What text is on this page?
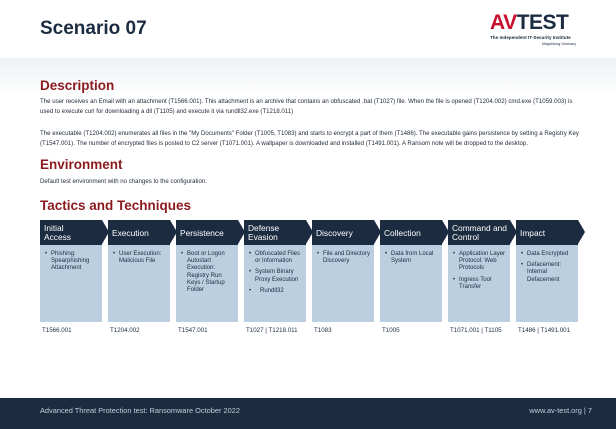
Scenario 07	AVTEST
The Independent IT-Security Institute
Magdeburg Germany
Description
The user receives an Email with an attachment (T1566.001). This attachment is an archive that contains an obfuscated .bat (T1027) file. When the file is opened (T1204.002) cmd.exe (T1059.003) is used to execute curl for downloading a dll (T1105) and execute it via rundll32.exe (T1218.011)
The executable (T1204.002) enumerates all files in the "My Documents" Folder (T1005, T1083) and starts to encrypt a part of them (T1486). The executable gains persistence by setting a Registry Key (T1547.001). The number of encrypted files is posted to C2 server (T1071.001). A wallpaper is downloaded and installed (T1491.001). A Ransom note will be dropped to the desktop.
Environment
Default test environment with no changes to the configuration.
Tactics and Techniques
Initial
Access
• Phishing: Spearphishing Attachment
T1566.001
Execution
• User Execution: Malicious File
T1204.002
Persistence
• Boot or Logon Autostart Execution: Registry Run Keys / Startup Folder
T1547.001
Defense
Evasion
• Obfuscated Files or Information
• System Binary Proxy Execution
• Rundll32
T1027 | T1218.011
Discovery
• File and Directory Discovery
T1083
Collection
• Data from Local System
T1005
Command and
Control
• Application Layer Protocol: Web Protocols
• Ingress Tool Transfer
T1071.001 | T1105
Impact
• Data Encrypted
• Defacement: Internal Defacement
T1486 | T1491.001
Advanced Threat Protection test: Ransomware October 2022	www.av-test.org | 7
